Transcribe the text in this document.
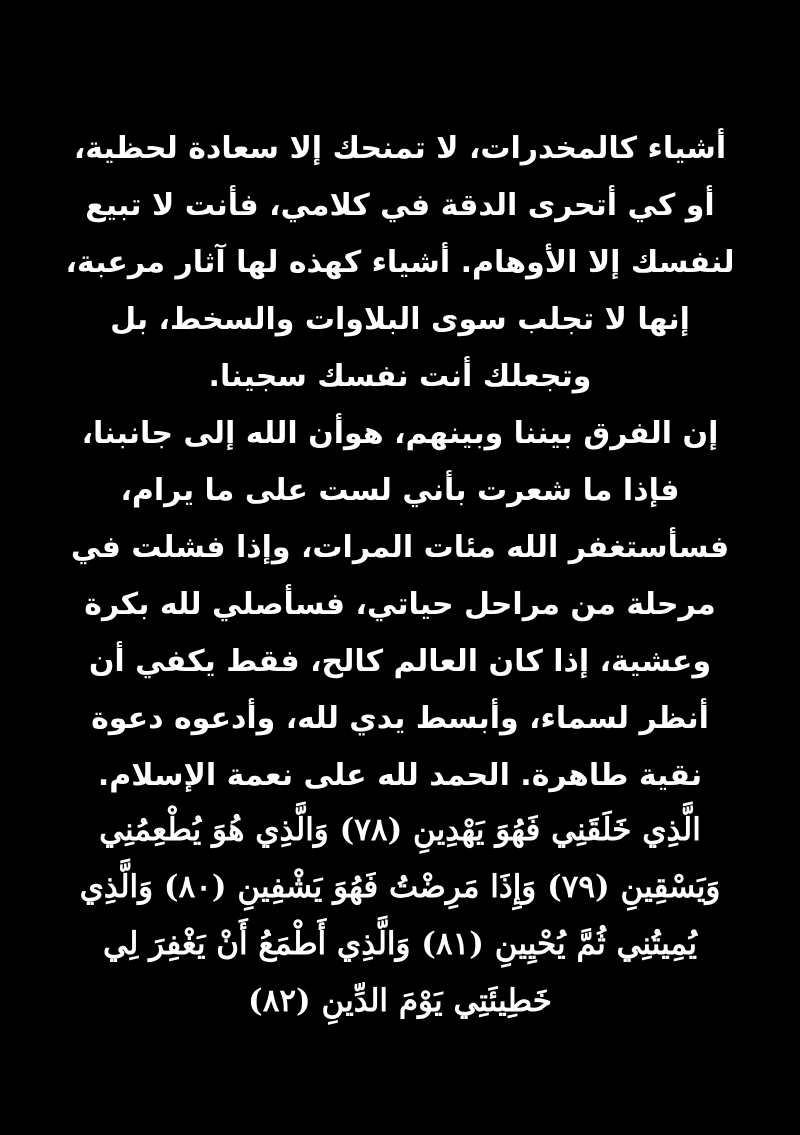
أشياء كالمخدرات، لا تمنحك إلا سعادة لحظية، أو كي أتحرى الدقة في كلامي، فأنت لا تبيع لنفسك إلا الأوهام. أشياء كهذه لها آثار مرعبة، إنها لا تجلب سوى البلاوات والسخط، بل وتجعلك أنت نفسك سجينا.

إن الفرق بيننا وبينهم، هوأن الله إلى جانبنا، فإذا ما شعرت بأني لست على ما يرام، فسأستغفر الله مئات المرات، وإذا فشلت في مرحلة من مراحل حياتي، فسأصلي لله بكرة وعشية، إذا كان العالم كالح، فقط يكفي أن أنظر لسماء، وأبسط يدي لله، وأدعوه دعوة نقية طاهرة. الحمد لله على نعمة الإسلام.

الَّذِي خَلَقَنِي فَهُوَ يَهْدِينِ (٧٨) وَالَّذِي هُوَ يُطْعِمُنِي وَيَسْقِينِ (٧٩) وَإِذَا مَرِضْتُ فَهُوَ يَشْفِينِ (٨٠) وَالَّذِي يُمِيتُنِي ثُمَّ يُحْيِينِ (٨١) وَالَّذِي أَطْمَعُ أَنْ يَغْفِرَ لِي خَطِيئَتِي يَوْمَ الدِّينِ (٨٢)
